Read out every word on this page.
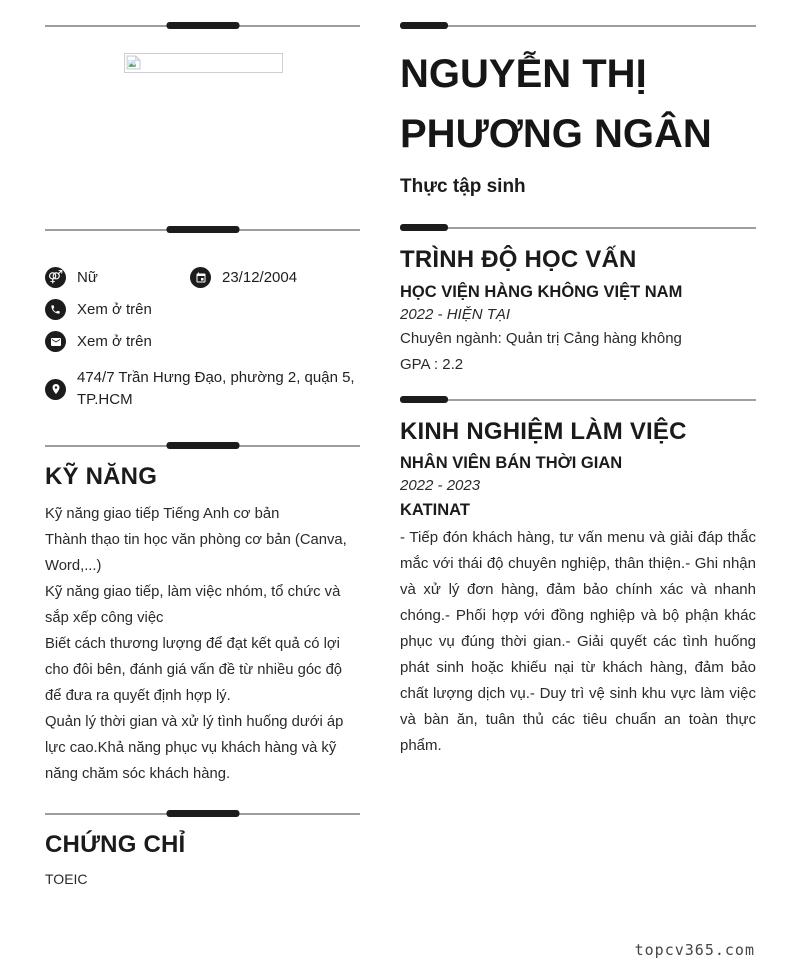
⚤ Nữ	23/12/2004
Xem ở trên
Xem ở trên
474/7 Trần Hưng Đạo, phường 2, quận 5, TP.HCM
KỸ NĂNG
Kỹ năng giao tiếp Tiếng Anh cơ bản
Thành thạo tin học văn phòng cơ bản (Canva, Word,...)
Kỹ năng giao tiếp, làm việc nhóm, tổ chức và sắp xếp công việc
Biết cách thương lượng để đạt kết quả có lợi cho đôi bên, đánh giá vấn đề từ nhiều góc độ để đưa ra quyết định hợp lý.
Quản lý thời gian và xử lý tình huống dưới áp lực cao.Khả năng phục vụ khách hàng và kỹ năng chăm sóc khách hàng.
CHỨNG CHỈ
TOEIC
NGUYỄN THỊ PHƯƠNG NGÂN
Thực tập sinh
TRÌNH ĐỘ HỌC VẤN
HỌC VIỆN HÀNG KHÔNG VIỆT NAM
2022 - HIỆN TẠI
Chuyên ngành: Quản trị Cảng hàng không
GPA : 2.2
KINH NGHIỆM LÀM VIỆC
NHÂN VIÊN BÁN THỜI GIAN
2022 - 2023
KATINAT
- Tiếp đón khách hàng, tư vấn menu và giải đáp thắc mắc với thái độ chuyên nghiệp, thân thiện.- Ghi nhận và xử lý đơn hàng, đảm bảo chính xác và nhanh chóng.- Phối hợp với đồng nghiệp và bộ phận khác phục vụ đúng thời gian.- Giải quyết các tình huống phát sinh hoặc khiếu nại từ khách hàng, đảm bảo chất lượng dịch vụ.- Duy trì vệ sinh khu vực làm việc và bàn ăn, tuân thủ các tiêu chuẩn an toàn thực phẩm.
topcv365.com
